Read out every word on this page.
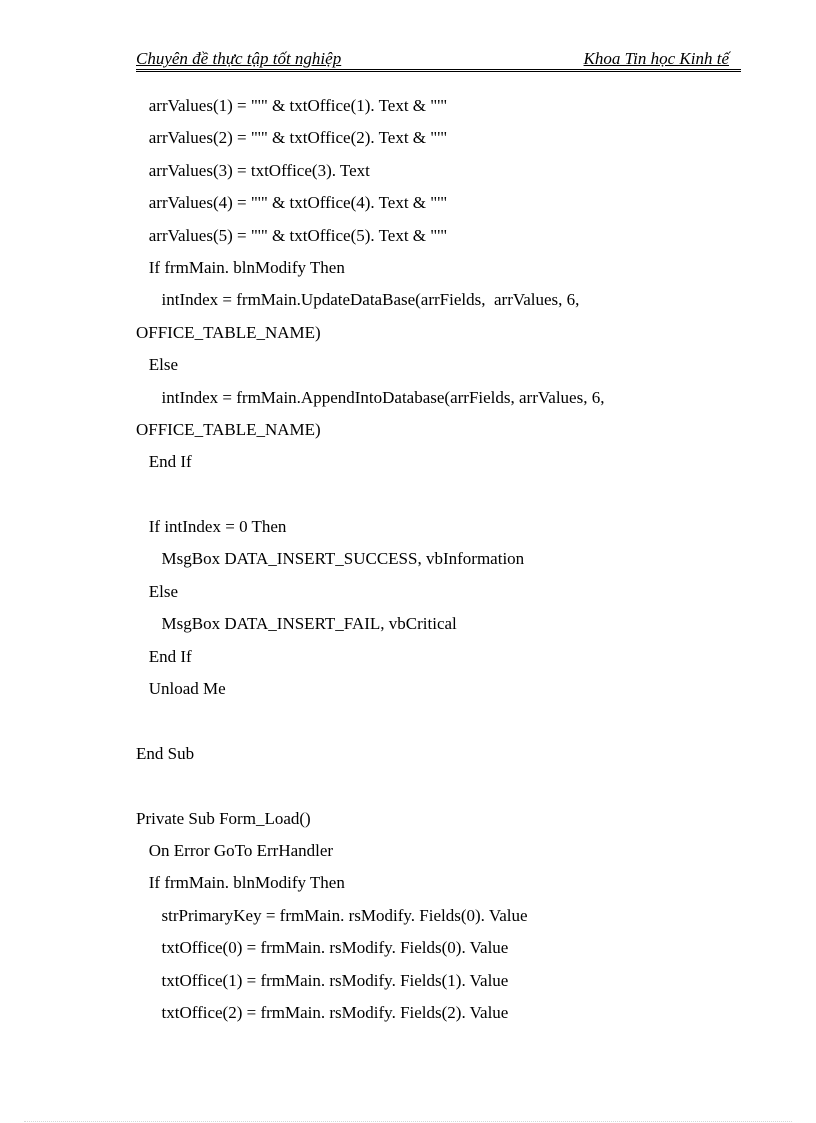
Chuyên đề thực tập tốt nghiệp	Khoa Tin học Kinh tế
arrValues(1) = "'" & txtOffice(1). Text & "'"
arrValues(2) = "'" & txtOffice(2). Text & "'"
arrValues(3) = txtOffice(3). Text
arrValues(4) = "'" & txtOffice(4). Text & "'"
arrValues(5) = "'" & txtOffice(5). Text & "'"
If frmMain. blnModify Then
intIndex = frmMain.UpdateDataBase(arrFields,  arrValues, 6,
OFFICE_TABLE_NAME)
Else
intIndex = frmMain.AppendIntoDatabase(arrFields, arrValues, 6,
OFFICE_TABLE_NAME)
End If
If intIndex = 0 Then
MsgBox DATA_INSERT_SUCCESS, vbInformation
Else
MsgBox DATA_INSERT_FAIL, vbCritical
End If
Unload Me
End Sub
Private Sub Form_Load()
On Error GoTo ErrHandler
If frmMain. blnModify Then
strPrimaryKey = frmMain. rsModify. Fields(0). Value
txtOffice(0) = frmMain. rsModify. Fields(0). Value
txtOffice(1) = frmMain. rsModify. Fields(1). Value
txtOffice(2) = frmMain. rsModify. Fields(2). Value
